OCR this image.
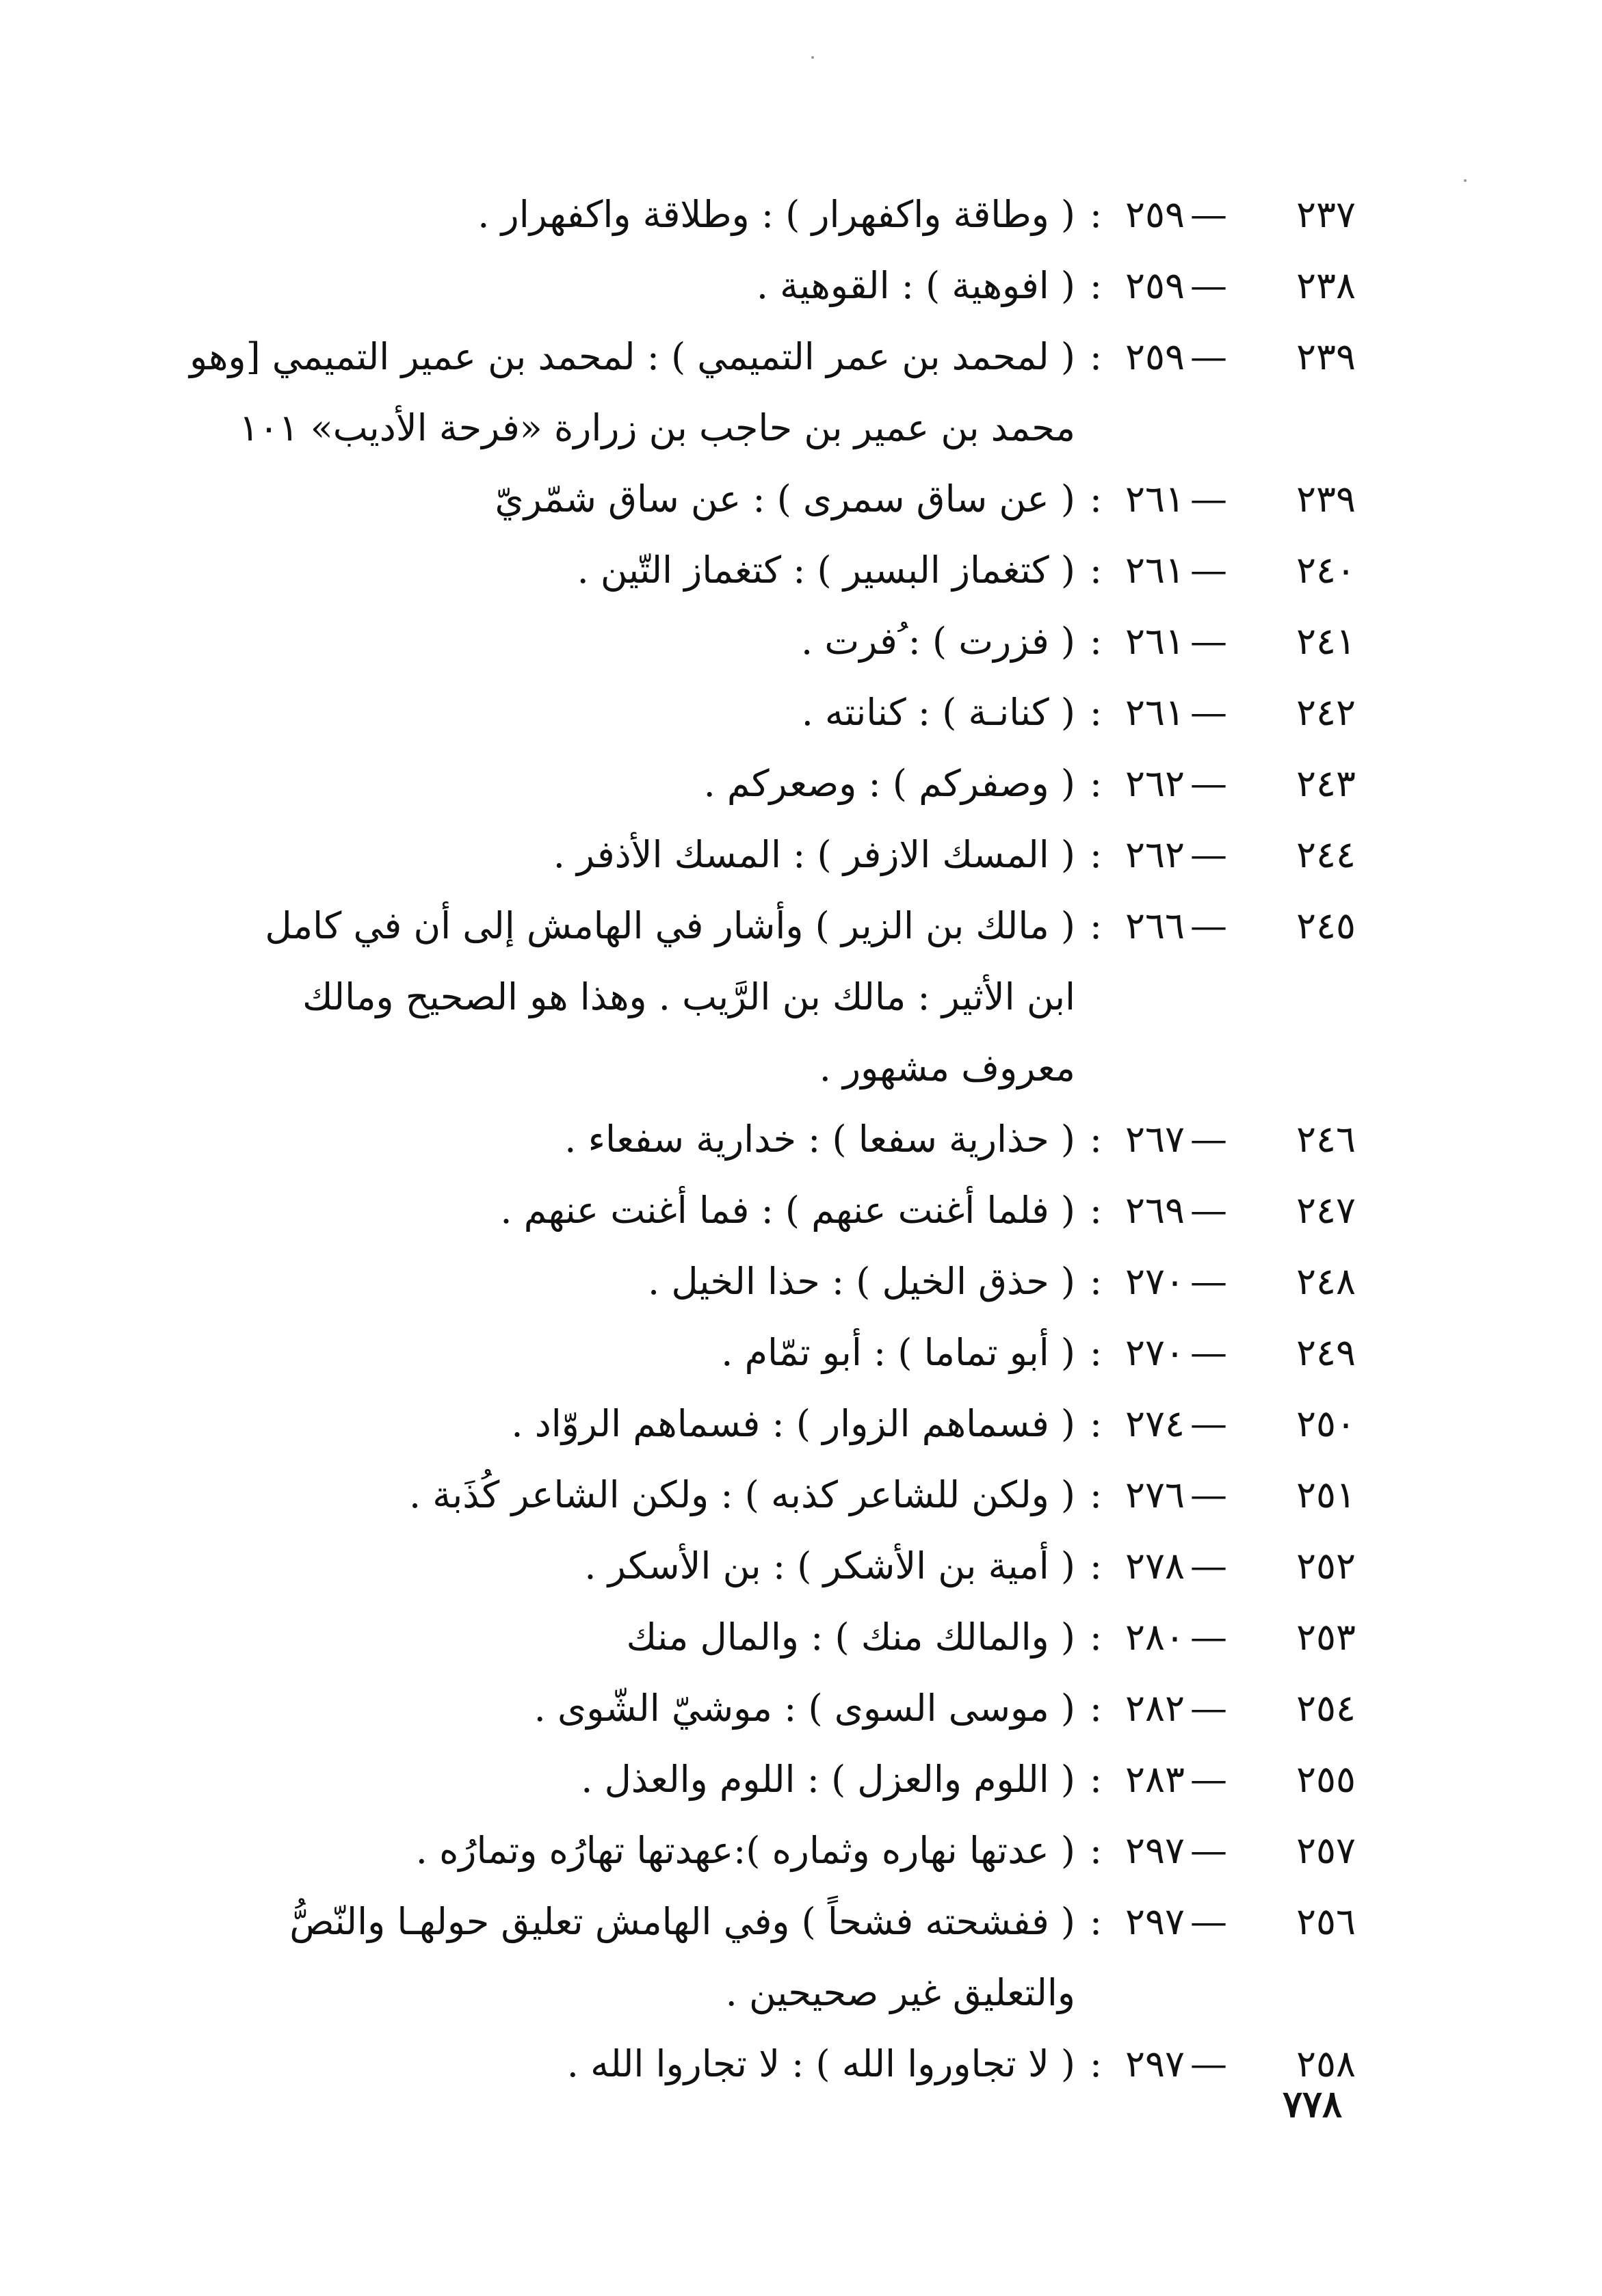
٢٣٧—٢٥٩:( وطاقة واكفهرار ) : وطلاقة واكفهرار .
٢٣٨—٢٥٩:( افوهية ) : القوهية .
٢٣٩—٢٥٩:( لمحمد بن عمر التميمي ) : لمحمد بن عمير التميمي [وهو
محمد بن عمير بن حاجب بن زرارة «فرحة الأديب» ١٠١
٢٣٩—٢٦١:( عن ساق سمرى ) : عن ساق شمّريّ
٢٤٠—٢٦١:( كتغماز البسير ) : كتغماز التّين .
٢٤١—٢٦١:( فزرت ) : ُفرت .
٢٤٢—٢٦١:( كنانـة ) : كنانته .
٢٤٣—٢٦٢:( وصفركم ) : وصعركم .
٢٤٤—٢٦٢:( المسك الازفر ) : المسك الأذفر .
٢٤٥—٢٦٦:( مالك بن الزير ) وأشار في الهامش إلى أن في كامل
ابن الأثير : مالك بن الرَّيب . وهذا هو الصحيح ومالك
معروف مشهور .
٢٤٦—٢٦٧:( حذارية سفعا ) : خدارية سفعاء .
٢٤٧—٢٦٩:( فلما أغنت عنهم ) : فما أغنت عنهم .
٢٤٨—٢٧٠:( حذق الخيل ) : حذا الخيل .
٢٤٩—٢٧٠:( أبو تماما ) : أبو تمّام .
٢٥٠—٢٧٤:( فسماهم الزوار ) : فسماهم الروّاد .
٢٥١—٢٧٦:( ولكن للشاعر كذبه ) : ولكن الشاعر كُذَبة .
٢٥٢—٢٧٨:( أمية بن الأشكر ) : بن الأسكر .
٢٥٣—٢٨٠:( والمالك منك ) : والمال منك
٢٥٤—٢٨٢:( موسى السوى ) : موشيّ الشّوى .
٢٥٥—٢٨٣:( اللوم والعزل ) : اللوم والعذل .
٢٥٧—٢٩٧:( عدتها نهاره وثماره ):عهدتها تهارُه وتمارُه .
٢٥٦—٢٩٧:( ففشحته فشحاً ) وفي الهامش تعليق حولهـا والنّصُّ
والتعليق غير صحيحين .
٢٥٨—٢٩٧:( لا تجاوروا الله ) : لا تجاروا الله .
٧٧٨
